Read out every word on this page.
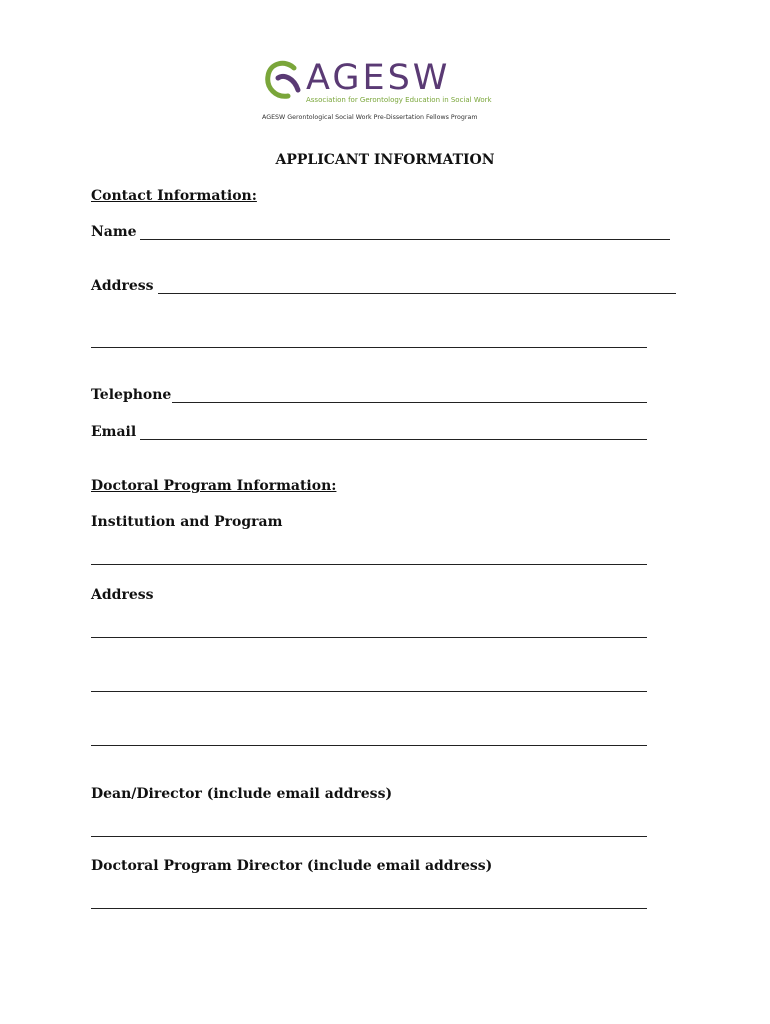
AGESW
Association for Gerontology Education in Social Work
AGESW Gerontological Social Work Pre-Dissertation Fellows Program
APPLICANT INFORMATION
Contact Information:
Name
Address
Telephone
Email
Doctoral Program Information:
Institution and Program
Address
Dean/Director (include email address)
Doctoral Program Director (include email address)
